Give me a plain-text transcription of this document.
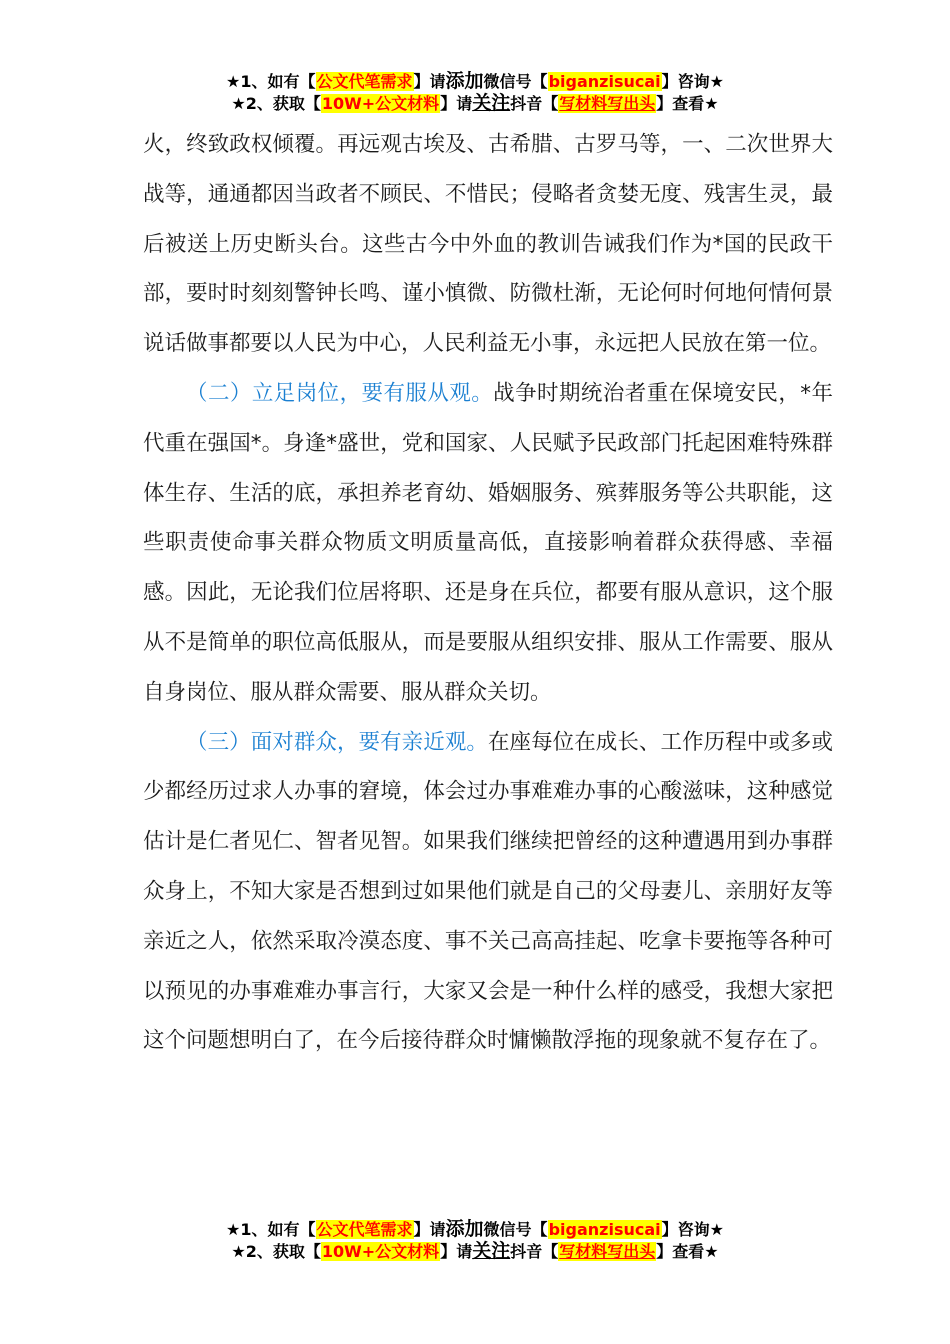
★1、如有【公文代笔需求】请添加微信号【biganzisucai】咨询★
★2、获取【10W+公文材料】请关注抖音【写材料写出头】查看★

火，终致政权倾覆。再远观古埃及、古希腊、古罗马等，一、二次世界大战等，通通都因当政者不顾民、不惜民；侵略者贪婪无度、残害生灵，最后被送上历史断头台。这些古今中外血的教训告诫我们作为*国的民政干部，要时时刻刻警钟长鸣、谨小慎微、防微杜渐，无论何时何地何情何景说话做事都要以人民为中心，人民利益无小事，永远把人民放在第一位。

（二）立足岗位，要有服从观。战争时期统治者重在保境安民，*年代重在强国*。身逢*盛世，党和国家、人民赋予民政部门托起困难特殊群体生存、生活的底，承担养老育幼、婚姻服务、殡葬服务等公共职能，这些职责使命事关群众物质文明质量高低，直接影响着群众获得感、幸福感。因此，无论我们位居将职、还是身在兵位，都要有服从意识，这个服从不是简单的职位高低服从，而是要服从组织安排、服从工作需要、服从自身岗位、服从群众需要、服从群众关切。

（三）面对群众，要有亲近观。在座每位在成长、工作历程中或多或少都经历过求人办事的窘境，体会过办事难难办事的心酸滋味，这种感觉估计是仁者见仁、智者见智。如果我们继续把曾经的这种遭遇用到办事群众身上，不知大家是否想到过如果他们就是自己的父母妻儿、亲朋好友等亲近之人，依然采取冷漠态度、事不关己高高挂起、吃拿卡要拖等各种可以预见的办事难难办事言行，大家又会是一种什么样的感受，我想大家把这个问题想明白了，在今后接待群众时慵懒散浮拖的现象就不复存在了。

★1、如有【公文代笔需求】请添加微信号【biganzisucai】咨询★
★2、获取【10W+公文材料】请关注抖音【写材料写出头】查看★
